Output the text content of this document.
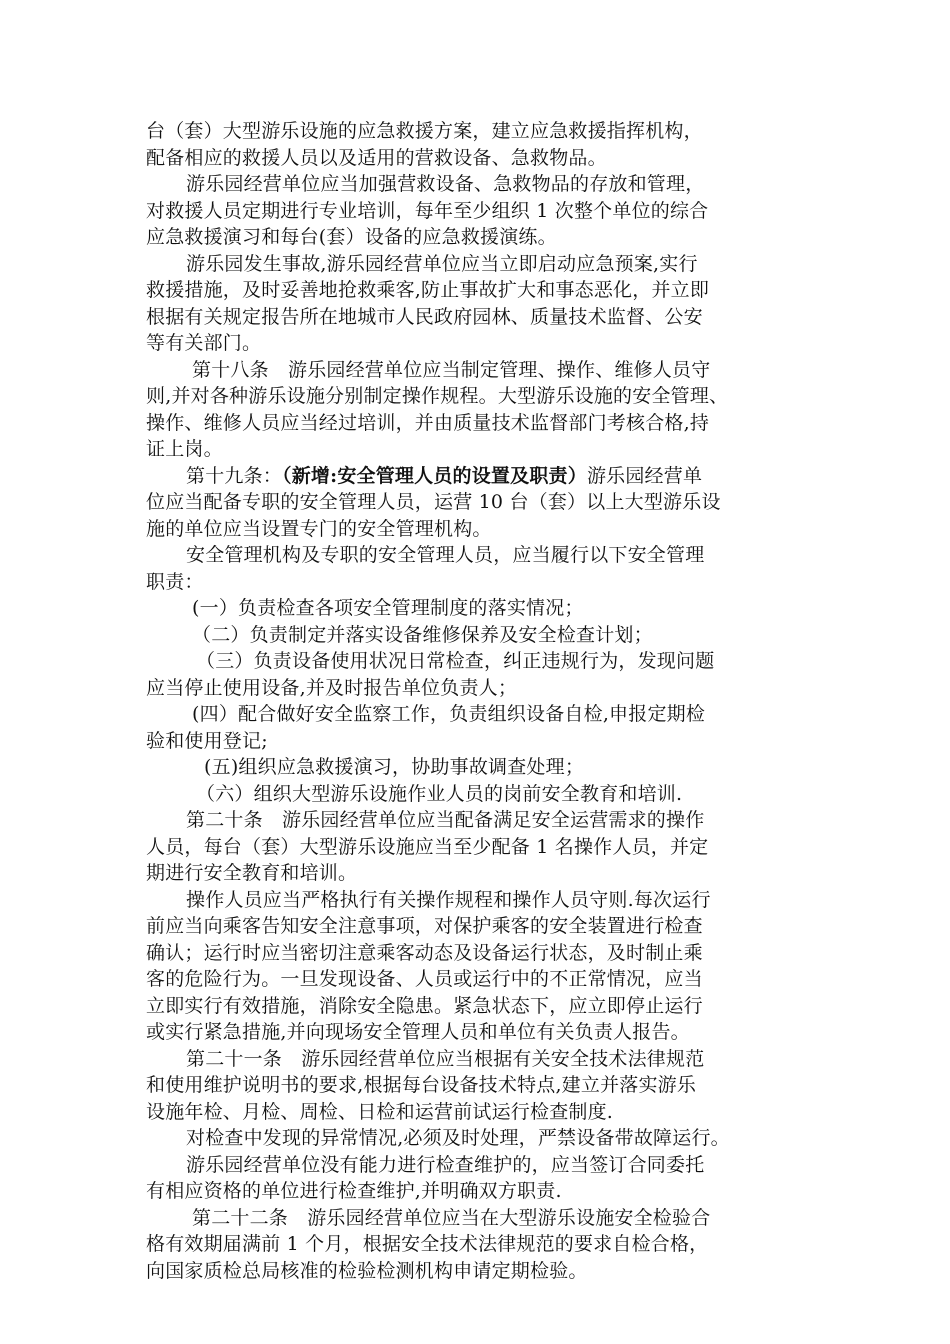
台（套）大型游乐设施的应急救援方案，建立应急救援指挥机构，
配备相应的救援人员以及适用的营救设备、急救物品。
游乐园经营单位应当加强营救设备、急救物品的存放和管理，
对救援人员定期进行专业培训，每年至少组织 1 次整个单位的综合
应急救援演习和每台(套）设备的应急救援演练。
游乐园发生事故,游乐园经营单位应当立即启动应急预案,实行
救援措施，及时妥善地抢救乘客,防止事故扩大和事态恶化，并立即
根据有关规定报告所在地城市人民政府园林、质量技术监督、公安
等有关部门。
第十八条　游乐园经营单位应当制定管理、操作、维修人员守
则,并对各种游乐设施分别制定操作规程。大型游乐设施的安全管理、
操作、维修人员应当经过培训，并由质量技术监督部门考核合格,持
证上岗。
第十九条：（新增:安全管理人员的设置及职责）游乐园经营单
位应当配备专职的安全管理人员，运营 10 台（套）以上大型游乐设
施的单位应当设置专门的安全管理机构。
安全管理机构及专职的安全管理人员，应当履行以下安全管理
职责：
(一）负责检查各项安全管理制度的落实情况；
（二）负责制定并落实设备维修保养及安全检查计划；
（三）负责设备使用状况日常检查，纠正违规行为，发现问题
应当停止使用设备,并及时报告单位负责人；
(四）配合做好安全监察工作，负责组织设备自检,申报定期检
验和使用登记;
(五)组织应急救援演习，协助事故调查处理；
（六）组织大型游乐设施作业人员的岗前安全教育和培训.
第二十条　游乐园经营单位应当配备满足安全运营需求的操作
人员，每台（套）大型游乐设施应当至少配备 1 名操作人员，并定
期进行安全教育和培训。
操作人员应当严格执行有关操作规程和操作人员守则.每次运行
前应当向乘客告知安全注意事项，对保护乘客的安全装置进行检查
确认；运行时应当密切注意乘客动态及设备运行状态，及时制止乘
客的危险行为。一旦发现设备、人员或运行中的不正常情况，应当
立即实行有效措施，消除安全隐患。紧急状态下，应立即停止运行
或实行紧急措施,并向现场安全管理人员和单位有关负责人报告。
第二十一条　游乐园经营单位应当根据有关安全技术法律规范
和使用维护说明书的要求,根据每台设备技术特点,建立并落实游乐
设施年检、月检、周检、日检和运营前试运行检查制度.
对检查中发现的异常情况,必须及时处理，严禁设备带故障运行。
游乐园经营单位没有能力进行检查维护的，应当签订合同委托
有相应资格的单位进行检查维护,并明确双方职责.
第二十二条　游乐园经营单位应当在大型游乐设施安全检验合
格有效期届满前 1 个月，根据安全技术法律规范的要求自检合格，
向国家质检总局核准的检验检测机构申请定期检验。
